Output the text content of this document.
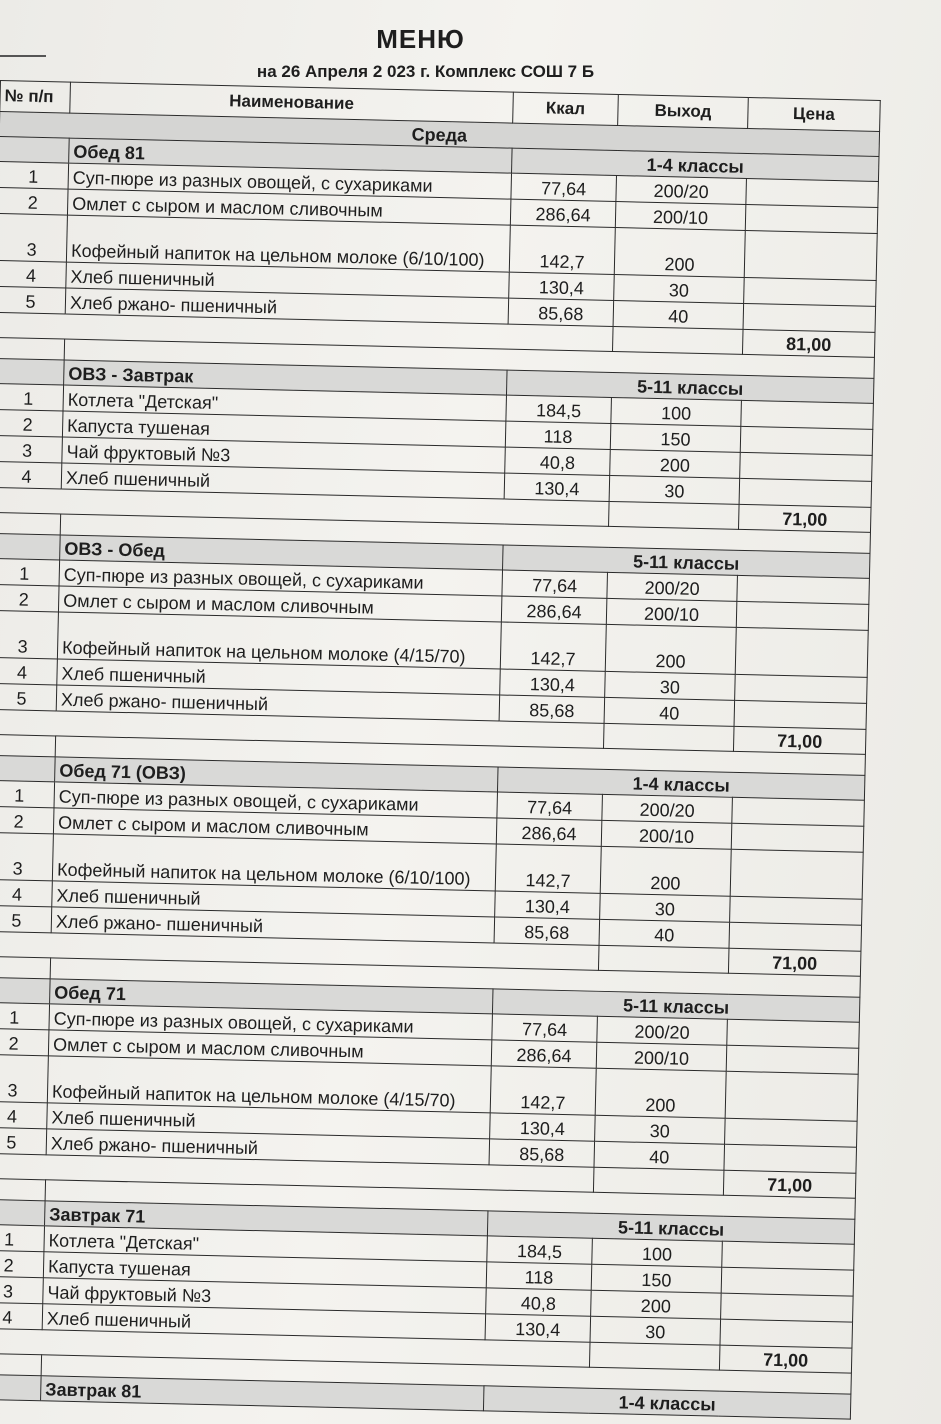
МЕНЮ
на 26 Апреля 2 023 г. Комплекс СОШ 7 Б
№ п/п	Наименование	Ккал	Выход	Цена
Среда				
	Обед 81	1-4 классы		
1	Суп-пюре из разных овощей, с сухариками	77,64	200/20	
2	Омлет с сыром и маслом сливочным	286,64	200/10	
3	Кофейный напиток на цельном молоке (6/10/100)	142,7	200	
4	Хлеб пшеничный	130,4	30	
5	Хлеб ржано- пшеничный	85,68	40	
				81,00

	ОВЗ - Завтрак	5-11 классы		
1	Котлета "Детская"	184,5	100	
2	Капуста тушеная	118	150	
3	Чай фруктовый №3	40,8	200	
4	Хлеб пшеничный	130,4	30	
				71,00

	ОВЗ - Обед	5-11 классы		
1	Суп-пюре из разных овощей, с сухариками	77,64	200/20	
2	Омлет с сыром и маслом сливочным	286,64	200/10	
3	Кофейный напиток на цельном молоке (4/15/70)	142,7	200	
4	Хлеб пшеничный	130,4	30	
5	Хлеб ржано- пшеничный	85,68	40	
				71,00

	Обед 71 (ОВЗ)	1-4 классы		
1	Суп-пюре из разных овощей, с сухариками	77,64	200/20	
2	Омлет с сыром и маслом сливочным	286,64	200/10	
3	Кофейный напиток на цельном молоке (6/10/100)	142,7	200	
4	Хлеб пшеничный	130,4	30	
5	Хлеб ржано- пшеничный	85,68	40	
				71,00

	Обед 71	5-11 классы		
1	Суп-пюре из разных овощей, с сухариками	77,64	200/20	
2	Омлет с сыром и маслом сливочным	286,64	200/10	
3	Кофейный напиток на цельном молоке (4/15/70)	142,7	200	
4	Хлеб пшеничный	130,4	30	
5	Хлеб ржано- пшеничный	85,68	40	
				71,00

	Завтрак 71	5-11 классы		
1	Котлета "Детская"	184,5	100	
2	Капуста тушеная	118	150	
3	Чай фруктовый №3	40,8	200	
4	Хлеб пшеничный	130,4	30	
				71,00

	Завтрак 81	1-4 классы		
